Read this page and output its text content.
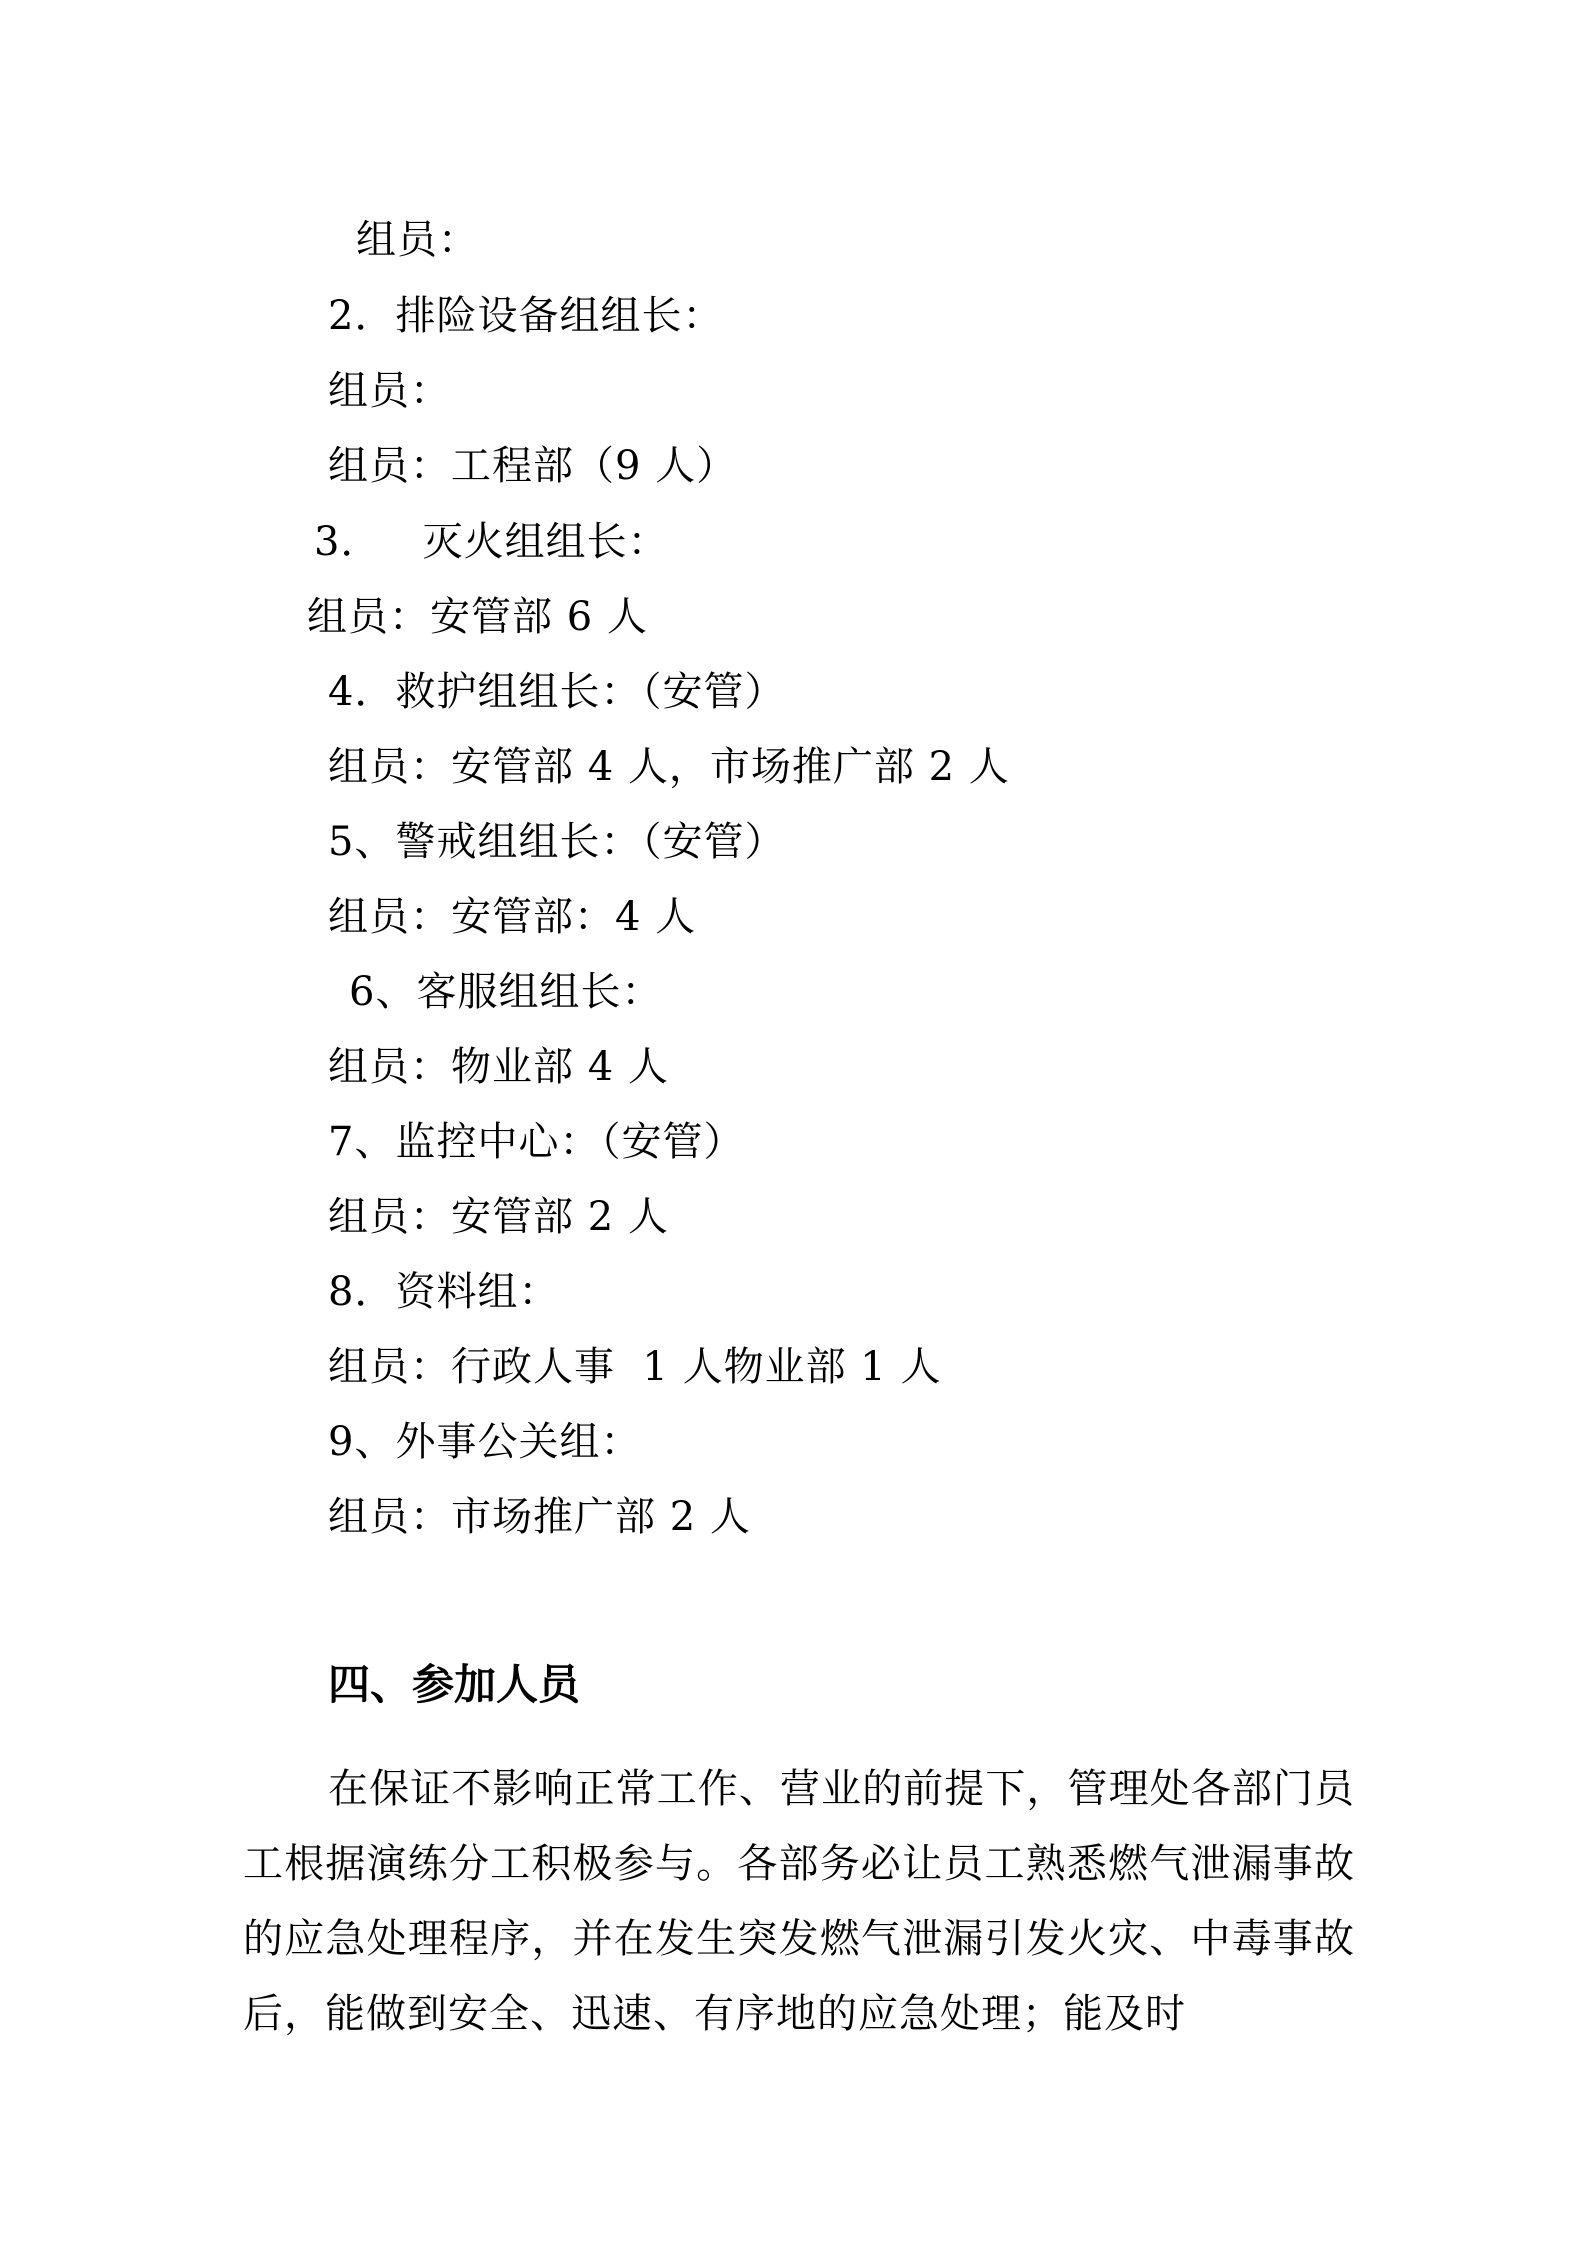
组员：
2．排险设备组组长：
组员：
组员：工程部（9 人）
3．   灭火组组长：
组员：安管部 6 人
4．救护组组长：（安管）
组员：安管部 4 人，市场推广部 2 人
5、警戒组组长：（安管）
组员：安管部：4 人
6、客服组组长：
组员：物业部 4 人
7、监控中心：（安管）
组员：安管部 2 人
8．资料组：
组员：行政人事  1 人物业部 1 人
9、外事公关组：
组员：市场推广部 2 人
四、参加人员
在保证不影响正常工作、营业的前提下，管理处各部门员工根据演练分工积极参与。各部务必让员工熟悉燃气泄漏事故的应急处理程序，并在发生突发燃气泄漏引发火灾、中毒事故后，能做到安全、迅速、有序地的应急处理；能及时
